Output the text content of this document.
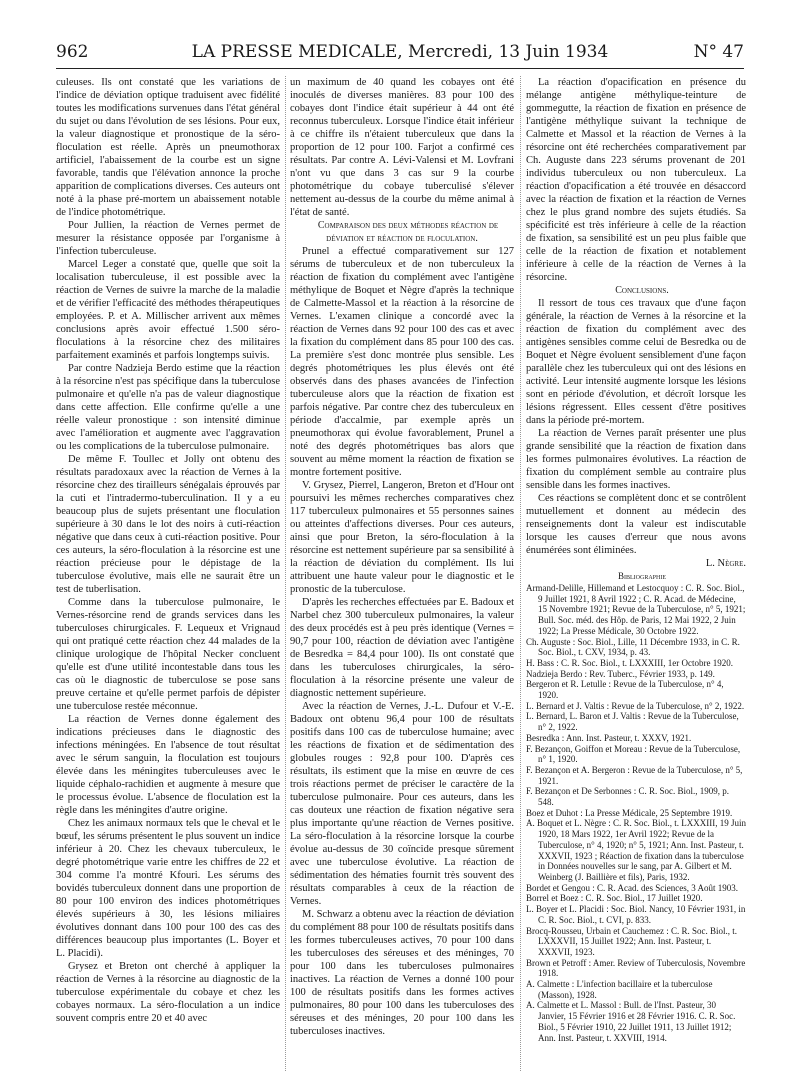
962	LA PRESSE MEDICALE, Mercredi, 13 Juin 1934	N° 47

culeuses. Ils ont constaté que les variations de l'indice de déviation optique traduisent avec fidélité toutes les modifications survenues dans l'état général du sujet ou dans l'évolution de ses lésions. Pour eux, la valeur diagnostique et pronostique de la séro-floculation est réelle. Après un pneumothorax artificiel, l'abaissement de la courbe est un signe favorable, tandis que l'élévation annonce la proche apparition de complications diverses. Ces auteurs ont noté à la phase pré-mortem un abaissement notable de l'indice photométrique.

Pour Jullien, la réaction de Vernes permet de mesurer la résistance opposée par l'organisme à l'infection tuberculeuse.

Marcel Leger a constaté que, quelle que soit la localisation tuberculeuse, il est possible avec la réaction de Vernes de suivre la marche de la maladie et de vérifier l'efficacité des méthodes thérapeutiques employées. P. et A. Millischer arrivent aux mêmes conclusions après avoir effectué 1.500 séro-floculations à la résorcine chez des militaires parfaitement examinés et parfois longtemps suivis.

Par contre Nadzieja Berdo estime que la réaction à la résorcine n'est pas spécifique dans la tuberculose pulmonaire et qu'elle n'a pas de valeur diagnostique dans cette affection. Elle confirme qu'elle a une réelle valeur pronostique : son intensité diminue avec l'amélioration et augmente avec l'aggravation ou les complications de la tuberculose pulmonaire.

De même F. Toullec et Jolly ont obtenu des résultats paradoxaux avec la réaction de Vernes à la résorcine chez des tirailleurs sénégalais éprouvés par la cuti et l'intradermo-tuberculination. Il y a eu beaucoup plus de sujets présentant une floculation supérieure à 30 dans le lot des noirs à cuti-réaction négative que dans ceux à cuti-réaction positive. Pour ces auteurs, la séro-floculation à la résorcine est une réaction précieuse pour le dépistage de la tuberculose évolutive, mais elle ne saurait être un test de tuberlisation.

Comme dans la tuberculose pulmonaire, le Vernes-résorcine rend de grands services dans les tuberculoses chirurgicales. F. Lequeux et Vrignaud qui ont pratiqué cette réaction chez 44 malades de la clinique urologique de l'hôpital Necker concluent qu'elle est d'une utilité incontestable dans tous les cas où le diagnostic de tuberculose se pose sans preuve certaine et qu'elle permet parfois de dépister une tuberculose restée méconnue.

La réaction de Vernes donne également des indications précieuses dans le diagnostic des infections méningées. En l'absence de tout résultat avec le sérum sanguin, la floculation est toujours élevée dans les méningites tuberculeuses avec le liquide céphalo-rachidien et augmente à mesure que le processus évolue. L'absence de floculation est la règle dans les méningites d'autre origine.

Chez les animaux normaux tels que le cheval et le bœuf, les sérums présentent le plus souvent un indice inférieur à 20. Chez les chevaux tuberculeux, le degré photométrique varie entre les chiffres de 22 et 304 comme l'a montré Kfouri. Les sérums des bovidés tuberculeux donnent dans une proportion de 80 pour 100 environ des indices photométriques élevés supérieurs à 30, les lésions miliaires évolutives donnant dans 100 pour 100 des cas des différences beaucoup plus importantes (L. Boyer et L. Placidi).

Grysez et Breton ont cherché à appliquer la réaction de Vernes à la résorcine au diagnostic de la tuberculose expérimentale du cobaye et chez les cobayes normaux. La séro-floculation a un indice souvent compris entre 20 et 40 avec

un maximum de 40 quand les cobayes ont été inoculés de diverses manières. 83 pour 100 des cobayes dont l'indice était supérieur à 44 ont été reconnus tuberculeux. Lorsque l'indice était inférieur à ce chiffre ils n'étaient tuberculeux que dans la proportion de 12 pour 100. Farjot a confirmé ces résultats. Par contre A. Lévi-Valensi et M. Lovfrani n'ont vu que dans 3 cas sur 9 la courbe photométrique du cobaye tuberculisé s'élever nettement au-dessus de la courbe du même animal à l'état de santé.

Comparaison des deux méthodes réaction de déviation et réaction de floculation.

Prunel a effectué comparativement sur 127 sérums de tuberculeux et de non tuberculeux la réaction de fixation du complément avec l'antigène méthylique de Boquet et Nègre d'après la technique de Calmette-Massol et la réaction à la résorcine de Vernes. L'examen clinique a concordé avec la réaction de Vernes dans 92 pour 100 des cas et avec la fixation du complément dans 85 pour 100 des cas. La première s'est donc montrée plus sensible. Les degrés photométriques les plus élevés ont été observés dans des phases avancées de l'infection tuberculeuse alors que la réaction de fixation est parfois négative. Par contre chez des tuberculeux en période d'accalmie, par exemple après un pneumothorax qui évolue favorablement, Prunel a noté des degrés photométriques bas alors que souvent au même moment la réaction de fixation se montre fortement positive.

V. Grysez, Pierrel, Langeron, Breton et d'Hour ont poursuivi les mêmes recherches comparatives chez 117 tuberculeux pulmonaires et 55 personnes saines ou atteintes d'affections diverses. Pour ces auteurs, ainsi que pour Breton, la séro-floculation à la résorcine est nettement supérieure par sa sensibilité à la réaction de déviation du complément. Ils lui attribuent une haute valeur pour le diagnostic et le pronostic de la tuberculose.

D'après les recherches effectuées par E. Badoux et Narbel chez 300 tuberculeux pulmonaires, la valeur des deux procédés est à peu près identique (Vernes = 90,7 pour 100, réaction de déviation avec l'antigène de Besredka = 84,4 pour 100). Ils ont constaté que dans les tuberculoses chirurgicales, la séro-floculation à la résorcine présente une valeur de diagnostic nettement supérieure.

Avec la réaction de Vernes, J.-L. Dufour et V.-E. Badoux ont obtenu 96,4 pour 100 de résultats positifs dans 100 cas de tuberculose humaine; avec les réactions de fixation et de sédimentation des globules rouges : 92,8 pour 100. D'après ces résultats, ils estiment que la mise en œuvre de ces trois réactions permet de préciser le caractère de la tuberculose pulmonaire. Pour ces auteurs, dans les cas douteux une réaction de fixation négative sera plus importante qu'une réaction de Vernes positive. La séro-floculation à la résorcine lorsque la courbe évolue au-dessus de 30 coïncide presque sûrement avec une tuberculose évolutive. La réaction de sédimentation des hématies fournit très souvent des résultats comparables à ceux de la réaction de Vernes.

M. Schwarz a obtenu avec la réaction de déviation du complément 88 pour 100 de résultats positifs dans les formes tuberculeuses actives, 70 pour 100 dans les tuberculoses des séreuses et des méninges, 70 pour 100 dans les tuberculoses pulmonaires inactives. La réaction de Vernes a donné 100 pour 100 de résultats positifs dans les formes actives pulmonaires, 80 pour 100 dans les tuberculoses des séreuses et des méninges, 20 pour 100 dans les tuberculoses inactives.

La réaction d'opacification en présence du mélange antigène méthylique-teinture de gommegutte, la réaction de fixation en présence de l'antigène méthylique suivant la technique de Calmette et Massol et la réaction de Vernes à la résorcine ont été recherchées comparativement par Ch. Auguste dans 223 sérums provenant de 201 individus tuberculeux ou non tuberculeux. La réaction d'opacification a été trouvée en désaccord avec la réaction de fixation et la réaction de Vernes chez le plus grand nombre des sujets étudiés. Sa spécificité est très inférieure à celle de la réaction de fixation, sa sensibilité est un peu plus faible que celle de la réaction de fixation et notablement inférieure à celle de la réaction de Vernes à la résorcine.

Conclusions.

Il ressort de tous ces travaux que d'une façon générale, la réaction de Vernes à la résorcine et la réaction de fixation du complément avec des antigènes sensibles comme celui de Besredka ou de Boquet et Nègre évoluent sensiblement d'une façon parallèle chez les tuberculeux qui ont des lésions en activité. Leur intensité augmente lorsque les lésions sont en période d'évolution, et décroît lorsque les lésions régressent. Elles cessent d'être positives dans la période pré-mortem.

La réaction de Vernes paraît présenter une plus grande sensibilité que la réaction de fixation dans les formes pulmonaires évolutives. La réaction de fixation du complément semble au contraire plus sensible dans les formes inactives.

Ces réactions se complètent donc et se contrôlent mutuellement et donnent au médecin des renseignements dont la valeur est indiscutable lorsque les causes d'erreur que nous avons énumérées sont éliminées.

L. Nègre.

Bibliographie

Armand-Delille, Hillemand et Lestocquoy : C. R. Soc. Biol., 9 Juillet 1921, 8 Avril 1922 ; C. R. Acad. de Médecine, 15 Novembre 1921; Revue de la Tuberculose, n° 5, 1921; Bull. Soc. méd. des Hôp. de Paris, 12 Mai 1922, 2 Juin 1922; La Presse Médicale, 30 Octobre 1922.

Ch. Auguste : Soc. Biol., Lille, 11 Décembre 1933, in C. R. Soc. Biol., t. CXV, 1934, p. 43.

H. Bass : C. R. Soc. Biol., t. LXXXIII, 1er Octobre 1920.

Nadzieja Berdo : Rev. Tuberc., Février 1933, p. 149.

Bergeron et R. Letulle : Revue de la Tuberculose, n° 4, 1920.

L. Bernard et J. Valtis : Revue de la Tuberculose, n° 2, 1922.

L. Bernard, L. Baron et J. Valtis : Revue de la Tuberculose, n° 2, 1922.

Besredka : Ann. Inst. Pasteur, t. XXXV, 1921.

F. Bezançon, Goiffon et Moreau : Revue de la Tuberculose, n° 1, 1920.

F. Bezançon et A. Bergeron : Revue de la Tuberculose, n° 5, 1921.

F. Bezançon et De Serbonnes : C. R. Soc. Biol., 1909, p. 548.

Boez et Duhot : La Presse Médicale, 25 Septembre 1919.

A. Boquet et L. Nègre : C. R. Soc. Biol., t. LXXXIII, 19 Juin 1920, 18 Mars 1922, 1er Avril 1922; Revue de la Tuberculose, n° 4, 1920; n° 5, 1921; Ann. Inst. Pasteur, t. XXXVII, 1923 ; Réaction de fixation dans la tuberculose in Données nouvelles sur le sang, par A. Gilbert et M. Weinberg (J. Baillière et fils), Paris, 1932.

Bordet et Gengou : C. R. Acad. des Sciences, 3 Août 1903.

Borrel et Boez : C. R. Soc. Biol., 17 Juillet 1920.

L. Boyer et L. Placidi : Soc. Biol. Nancy, 10 Février 1931, in C. R. Soc. Biol., t. CVI, p. 833.

Brocq-Rousseu, Urbain et Cauchemez : C. R. Soc. Biol., t. LXXXVII, 15 Juillet 1922; Ann. Inst. Pasteur, t. XXXVII, 1923.

Brown et Petroff : Amer. Review of Tuberculosis, Novembre 1918.

A. Calmette : L'infection bacillaire et la tuberculose (Masson), 1928.

A. Calmette et L. Massol : Bull. de l'Inst. Pasteur, 30 Janvier, 15 Février 1916 et 28 Février 1916. C. R. Soc. Biol., 5 Février 1910, 22 Juillet 1911, 13 Juillet 1912; Ann. Inst. Pasteur, t. XXVIII, 1914.
